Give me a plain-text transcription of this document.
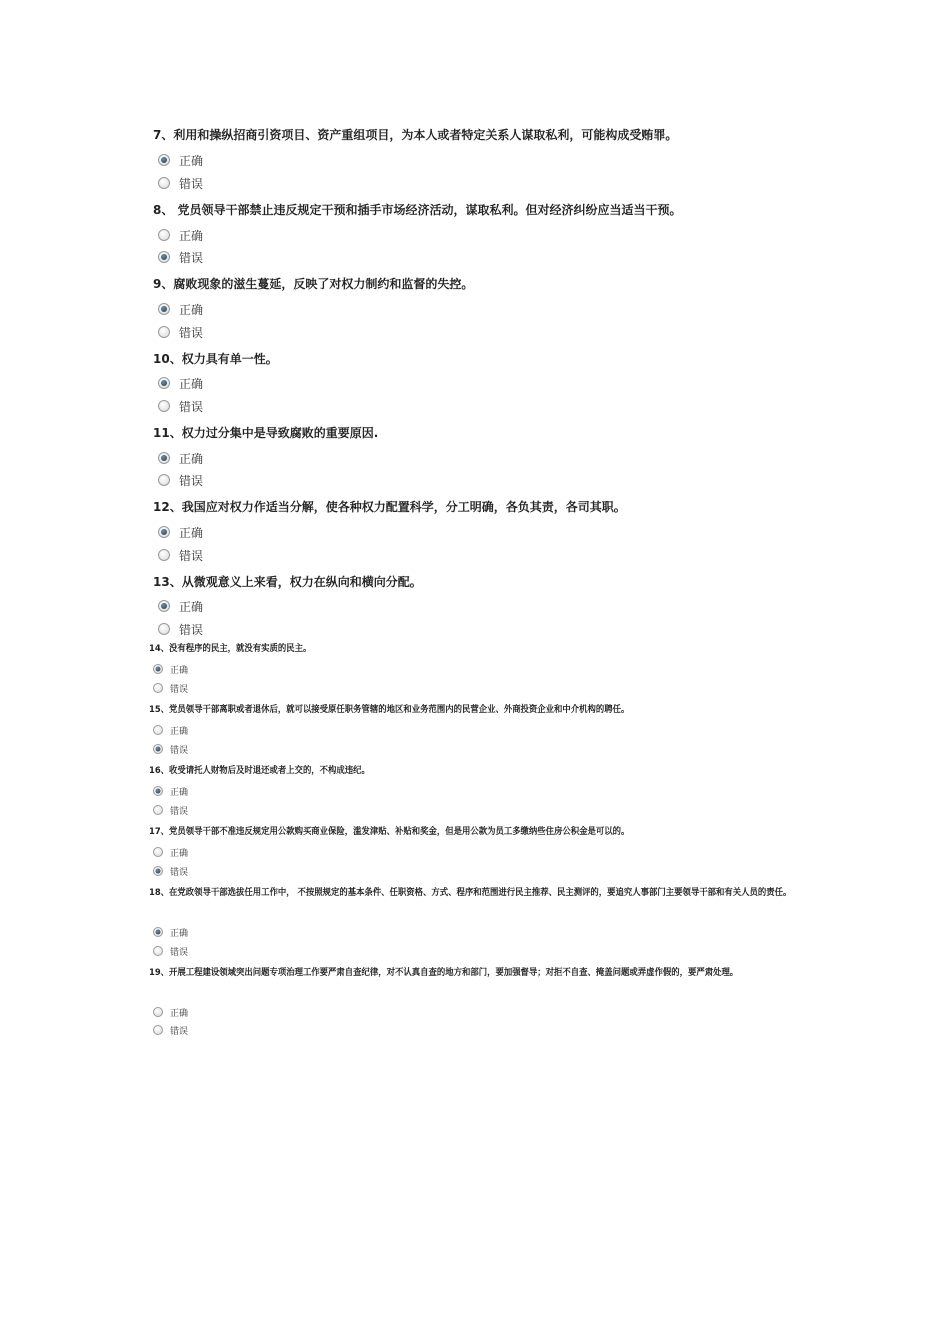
7、利用和操纵招商引资项目、资产重组项目，为本人或者特定关系人谋取私利，可能构成受贿罪。
正确
错误
8、 党员领导干部禁止违反规定干预和插手市场经济活动，谋取私利。但对经济纠纷应当适当干预。
正确
错误
9、腐败现象的滋生蔓延，反映了对权力制约和监督的失控。
正确
错误
10、权力具有单一性。
正确
错误
11、权力过分集中是导致腐败的重要原因.
正确
错误
12、我国应对权力作适当分解，使各种权力配置科学，分工明确，各负其责，各司其职。
正确
错误
13、从微观意义上来看，权力在纵向和横向分配。
正确
错误
14、没有程序的民主，就没有实质的民主。
正确
错误
15、党员领导干部离职或者退休后，就可以接受原任职务管辖的地区和业务范围内的民营企业、外商投资企业和中介机构的聘任。
正确
错误
16、收受请托人财物后及时退还或者上交的，不构成违纪。
正确
错误
17、党员领导干部不准违反规定用公款购买商业保险，滥发津贴、补贴和奖金，但是用公款为员工多缴纳些住房公积金是可以的。
正确
错误
18、在党政领导干部选拔任用工作中， 不按照规定的基本条件、任职资格、方式、程序和范围进行民主推荐、民主测评的，要追究人事部门主要领导干部和有关人员的责任。
正确
错误
19、开展工程建设领域突出问题专项治理工作要严肃自查纪律，对不认真自查的地方和部门，要加强督导；对拒不自查、掩盖问题或弄虚作假的，要严肃处理。
正确
错误
